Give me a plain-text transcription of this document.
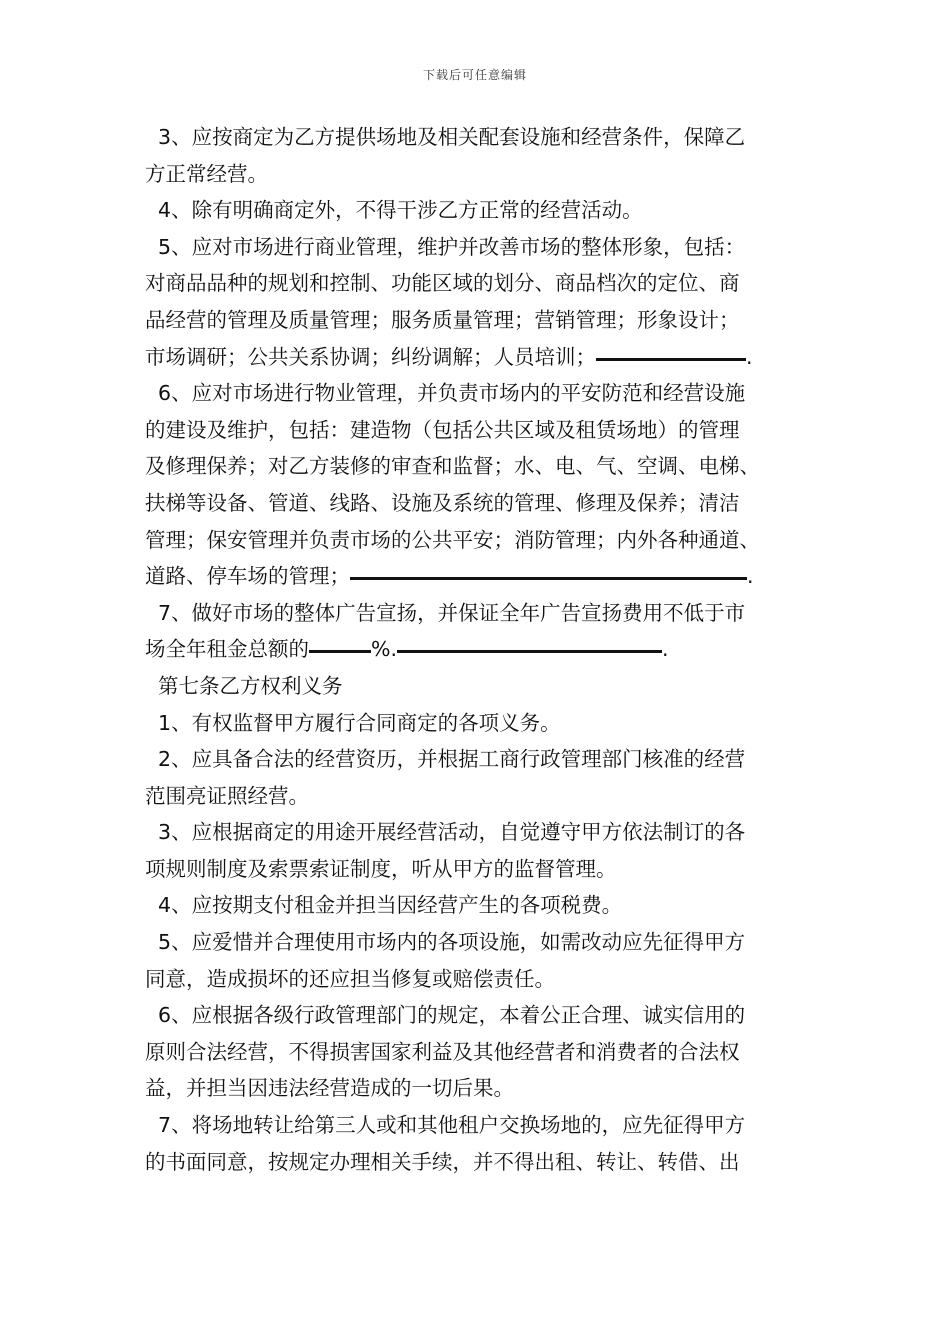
下载后可任意编辑
3、应按商定为乙方提供场地及相关配套设施和经营条件，保障乙
方正常经营。
4、除有明确商定外，不得干涉乙方正常的经营活动。
5、应对市场进行商业管理，维护并改善市场的整体形象，包括：
对商品品种的规划和控制、功能区域的划分、商品档次的定位、商
品经营的管理及质量管理；服务质量管理；营销管理；形象设计；
市场调研；公共关系协调；纠纷调解；人员培训；	.
6、应对市场进行物业管理，并负责市场内的平安防范和经营设施
的建设及维护，包括：建造物（包括公共区域及租赁场地）的管理
及修理保养；对乙方装修的审查和监督；水、电、气、空调、电梯、
扶梯等设备、管道、线路、设施及系统的管理、修理及保养；清洁
管理；保安管理并负责市场的公共平安；消防管理；内外各种通道、
道路、停车场的管理；	.
7、做好市场的整体广告宣扬，并保证全年广告宣扬费用不低于市
场全年租金总额的	%.	.
第七条乙方权利义务
1、有权监督甲方履行合同商定的各项义务。
2、应具备合法的经营资历，并根据工商行政管理部门核准的经营
范围亮证照经营。
3、应根据商定的用途开展经营活动，自觉遵守甲方依法制订的各
项规则制度及索票索证制度，听从甲方的监督管理。
4、应按期支付租金并担当因经营产生的各项税费。
5、应爱惜并合理使用市场内的各项设施，如需改动应先征得甲方
同意，造成损坏的还应担当修复或赔偿责任。
6、应根据各级行政管理部门的规定，本着公正合理、诚实信用的
原则合法经营，不得损害国家利益及其他经营者和消费者的合法权
益，并担当因违法经营造成的一切后果。
7、将场地转让给第三人或和其他租户交换场地的，应先征得甲方
的书面同意，按规定办理相关手续，并不得出租、转让、转借、出
